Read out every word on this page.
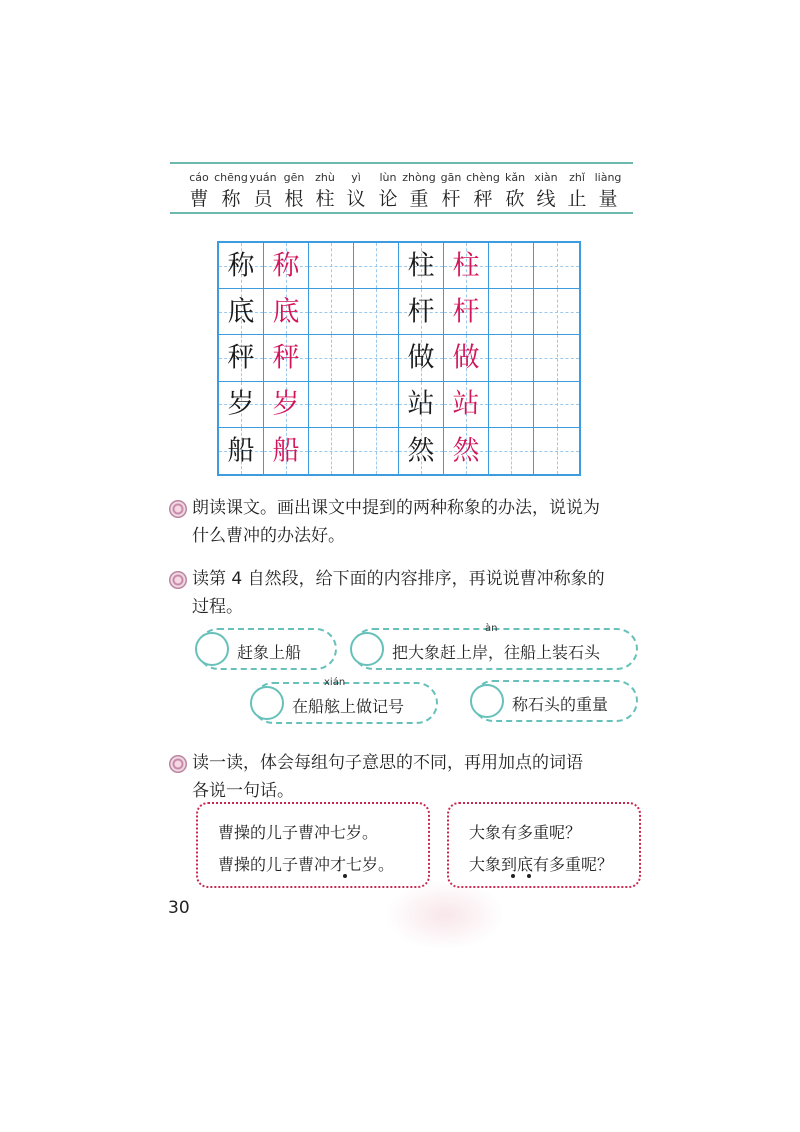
cáo chēng yuán gēn zhù	yì	lùn zhòng gān chèng kǎn xiàn	zhǐ liàng
曹 称 员 根 柱 议 论 重 杆 秤 砍 线 止 量
称 称	柱 柱
底 底	杆 杆
秤 秤	做 做
岁 岁	站 站
船 船	然 然
朗读课文。画出课文中提到的两种称象的办法，说说为
什么曹冲的办法好。
读第 4 自然段，给下面的内容排序，再说说曹冲称象的
过程。
赶象上船
àn
把大象赶上岸，往船上装石头
xián
在船舷上做记号	称石头的重量
读一读，体会每组句子意思的不同，再用加点的词语
各说一句话。
曹操的儿子曹冲七岁。
曹操的儿子曹冲才七岁。
大象有多重呢？
大象到底有多重呢？
30
